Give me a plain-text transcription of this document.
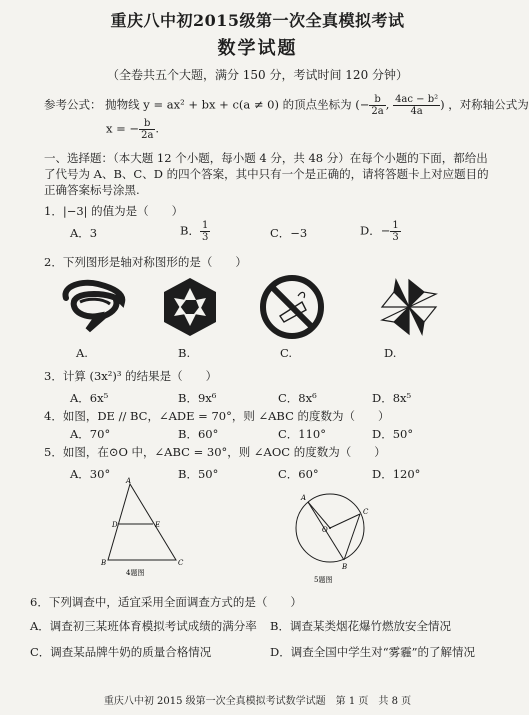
重庆八中初2015级第一次全真模拟考试
数学试题
（全卷共五个大题，满分 150 分，考试时间 120 分钟）
参考公式： 抛物线 y = ax² + bx + c(a ≠ 0) 的顶点坐标为 (− $\frac{b}{2a}$ , $\frac{\text{4ac − b²}}{4a}$ ) ，对称轴公式为
x = − $\frac{b}{2a}$ .
一、选择题：（本大题 12 个小题，每小题 4 分，共 48 分）在每个小题的下面，都给出
了代号为 A、B、C、D 的四个答案，其中只有一个是正确的，请将答题卡上对应题目的
正确答案标号涂黑.
1．|−3| 的值为是（　　）
A．3	B． $\frac{1}{3}$	C．−3	D．− $\frac{1}{3}$
2．下列图形是轴对称图形的是（　　）
A.	B.	C.	D.
3．计算 (3x²)³ 的结果是（　　）
A．6x⁵	B．9x⁶	C．8x⁶	D．8x⁵
4．如图，DE // BC，∠ADE = 70°，则 ∠ABC 的度数为（　　）
A．70°	B．60°	C．110°	D．50°
5．如图，在⊙O 中，∠ABC = 30°，则 ∠AOC 的度数为（　　）
A．30°	B．50°	C．60°	D．120°
A
D	E
B	C
4题图
A
C
B
O
5题图
6．下列调查中，适宜采用全面调查方式的是（　　）
A．调查初三某班体育模拟考试成绩的满分率 B．调查某类烟花爆竹燃放安全情况
C．调查某品牌牛奶的质量合格情况	D．调查全国中学生对“雾霾”的了解情况
重庆八中初 2015 级第一次全真模拟考试数学试题　第 1 页　共 8 页
